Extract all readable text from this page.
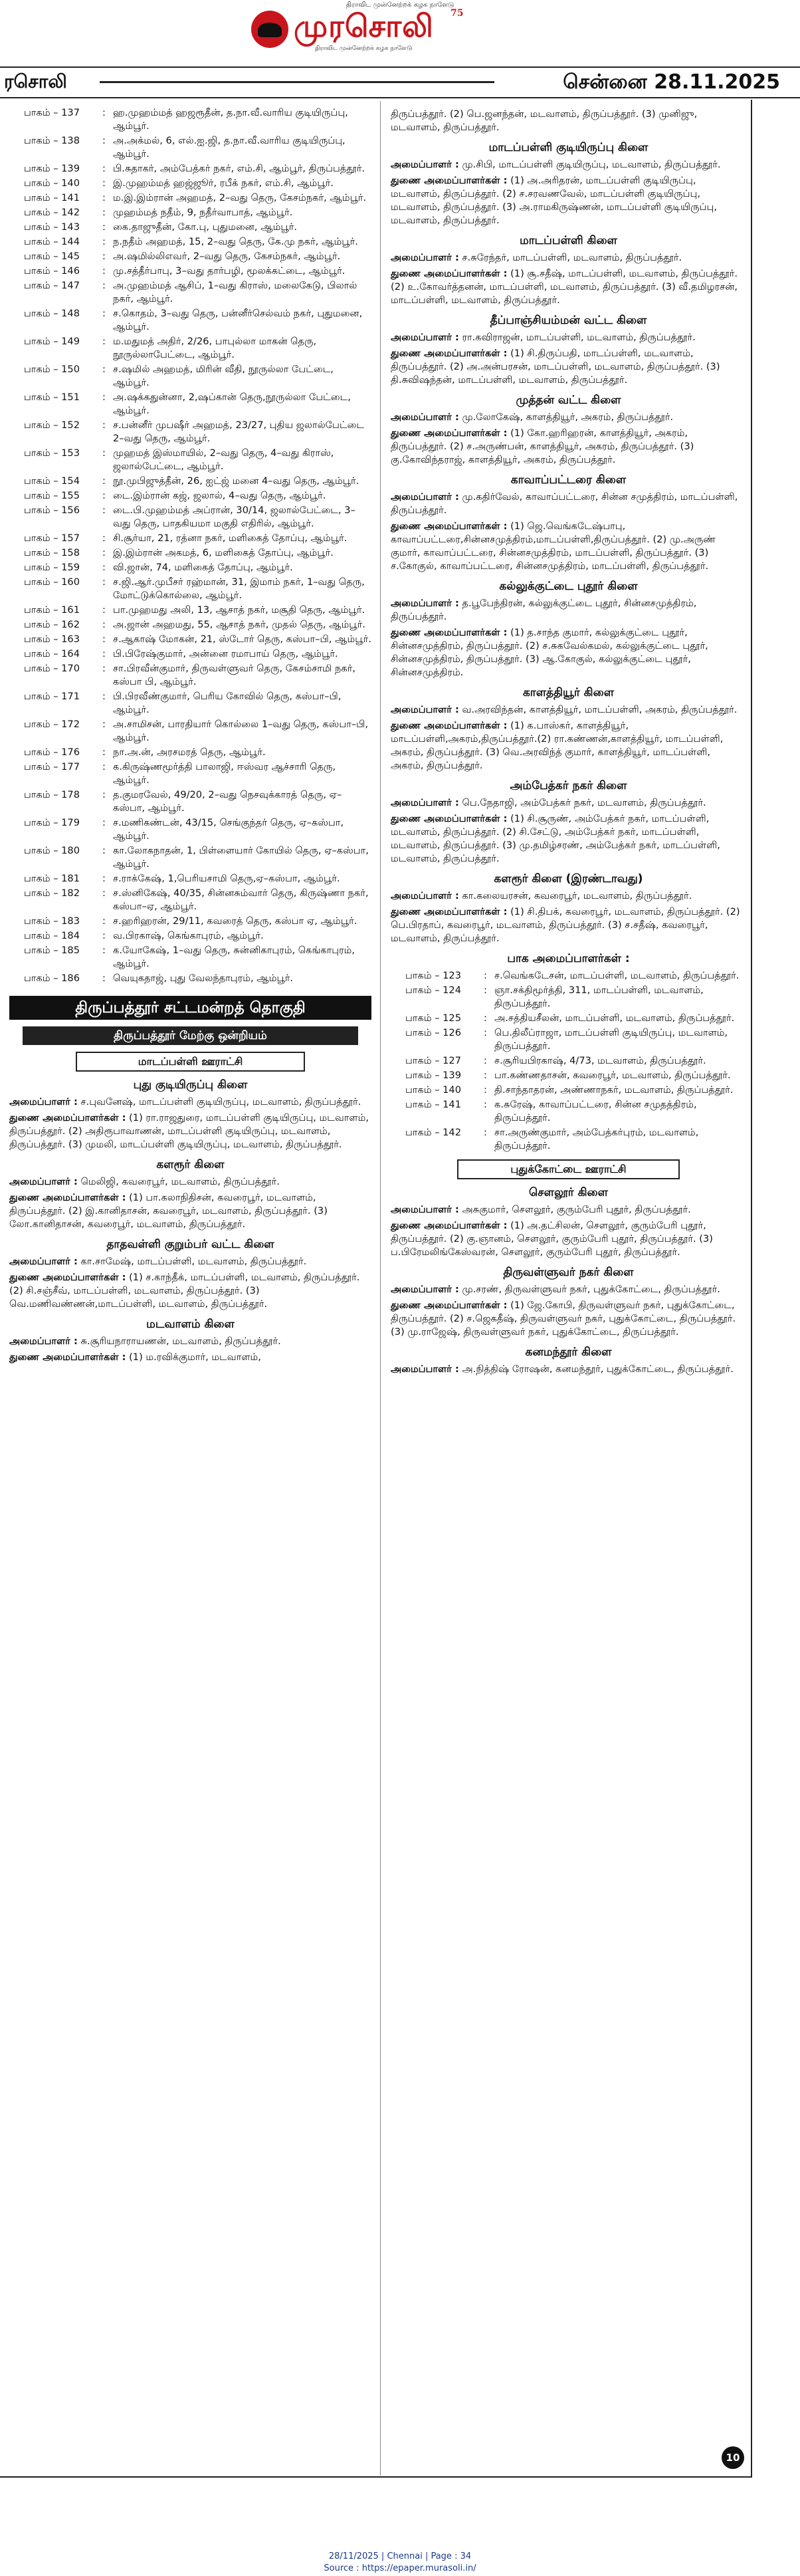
திராவிட முன்னேற்றக் கழக நாளேடு
முரசொலி
திராவிட முன்னேற்றக் கழக நாளேடு
$^{75}$
ரசொலி	சென்னை 28.11.2025
பாகம் – 137	: ஹ.முஹம்மத் ஹஜரூதீன், த.நா.வீ.வாரிய குடியிருப்பு, ஆம்பூர்.
பாகம் – 138	: அ.அக்மல், 6, எல்.ஐ.ஜி, த.நா.வீ.வாரிய குடியிருப்பு, ஆம்பூர்.
பாகம் – 139	: பி.சுதாகர், அம்பேத்கர் நகர், எம்.சி, ஆம்பூர், திருப்பத்தூர்.
பாகம் – 140	: இ.முஹம்மத் ஹஜ்ஜூர், ரபீக் நகர், எம்.சி, ஆம்பூர்.
பாகம் – 141	: ம.இ.இம்ரான் அஹமத், 2–வது தெரு, கேசம்நகர், ஆம்பூர்.
பாகம் – 142	: முஹம்மத் நதீம், 9, நதீர்வாபாத், ஆம்பூர்.
பாகம் – 143	: கை.தாஜுதீன், கோ.பு, புதுமனை, ஆம்பூர்.
பாகம் – 144	: ந.நதீம் அஹமத், 15, 2–வது தெரு, கே.மு நகர், ஆம்பூர்.
பாகம் – 145	: அ.ஷமில்லிஎவர், 2–வது தெரு, கேசம்நகர், ஆம்பூர்.
பாகம் – 146	: மு.சத்தீர்பாபு, 3–வது தார்பழி, மூலக்கட்டை, ஆம்பூர்.
பாகம் – 147	: அ.முஹம்மத் ஆசிப், 1–வது கிராஸ், மலைகேடு, பிலால் நகர், ஆம்பூர்.
பாகம் – 148	: ச.கொதம், 3–வது தெரு, பன்னீர்செல்வம் நகர், புதுமனை, ஆம்பூர்.
பாகம் – 149	: ம.மதுமத் அதிர், 2/26, பாபுல்லா மாகன் தெரு, நூருல்லாபேட்டை, ஆம்பூர்.
பாகம் – 150	: ச.ஷமில் அஹமத், மிரின் வீதி, நூருல்லா பேட்டை, ஆம்பூர்.
பாகம் – 151	: அ.ஷக்கதுன்னா, 2,ஷப்கான் தெரு,நூருல்லா பேட்டை, ஆம்பூர்.
பாகம் – 152	: ச.பன்னீர் முபஷீர் அஹமத், 23/27, புதிய ஜலால்பேட்டை 2–வது தெரு, ஆம்பூர்.
பாகம் – 153	: முஹமத் இஸ்மாயில், 2–வது தெரு, 4–வது கிராஸ், ஜலால்பேட்டை, ஆம்பூர்.
பாகம் – 154	: நூ.முபிஜுத்தீன், 26, ஐட்ஜ் மனை 4–வது தெரு, ஆம்பூர்.
பாகம் – 155	: டை.இம்ரான் கஜ், ஜலால், 4–வது தெரு, ஆம்பூர்.
பாகம் – 156	: டை.பி.முஹம்மத் அப்ரான், 30/14, ஜலால்பேட்டை, 3–வது தெரு, பாதகியமா மகுதி எதிரில், ஆம்பூர்.
பாகம் – 157	: சி.சூர்யா, 21, ரத்னா நகர், மளிகைத் தோப்பு, ஆம்பூர்.
பாகம் – 158	: இ.இம்ரான் அகமத், 6, மளிகைத் தோப்பு, ஆம்பூர்.
பாகம் – 159	: வி.ஜான், 74, மளிகைத் தோப்பு, ஆம்பூர்.
பாகம் – 160	: ச.ஜி.ஆர்.முபீசர் ரஹ்மான், 31, இமாம் நகர், 1–வது தெரு, மோட்டுக்கொல்லை, ஆம்பூர்.
பாகம் – 161	: பா.முஹமது அலி, 13, ஆசாத் நகர், மசூதி தெரு, ஆம்பூர்.
பாகம் – 162	: அ.ஜான் அஹமது, 55, ஆசாத் நகர், முதல் தெரு, ஆம்பூர்.
பாகம் – 163	: ச.ஆகாஷ் மோகன், 21, ஸ்டோர் தெரு, கஸ்பா–பி, ஆம்பூர்.
பாகம் – 164	: பி.பிரேஷ்குமார், அன்னை ரமாபாய் தெரு, ஆம்பூர்.
பாகம் – 170	: சா.பிரவீன்குமார், திருவள்ளுவர் தெரு, கேசம்சாமி நகர், கஸ்பா பி, ஆம்பூர்.
பாகம் – 171	: பி.பிரவீண்குமார், பெரிய கோவில் தெரு, கஸ்பா–பி, ஆம்பூர்.
பாகம் – 172	: அ.சாமிசன், பாரதியார் கொல்லை 1–வது தெரு, கஸ்பா–பி, ஆம்பூர்.
பாகம் – 176	: நா.அ.ன், அரசமரத் தெரு, ஆம்பூர்.
பாகம் – 177	: க.கிருஷ்ணமூர்த்தி பாலாஜி, ஈஸ்வர ஆச்சாரி தெரு, ஆம்பூர்.
பாகம் – 178	: த.குமரவேல், 49/20, 2–வது நெசவுக்காரத் தெரு, ஏ–கஸ்பா, ஆம்பூர்.
பாகம் – 179	: ச.மணிகண்டன், 43/15, செங்குந்தர் தெரு, ஏ–கஸ்பா, ஆம்பூர்.
பாகம் – 180	: கா.லோகநாதன், 1, பிள்ளையார் கோயில் தெரு, ஏ–கஸ்பா, ஆம்பூர்.
பாகம் – 181	: ச.ராக்கேஷ், 1,பெரியசாமி தெரு,ஏ–கஸ்பா, ஆம்பூர்.
பாகம் – 182	: ச.ஸ்னிகேஷ், 40/35, சின்னசும்வார் தெரு, கிருஷ்ணா நகர், கஸ்பா–ஏ, ஆம்பூர்.
பாகம் – 183	: ச.ஹரிஹரன், 29/11, கவரைத் தெரு, கஸ்பா ஏ, ஆம்பூர்.
பாகம் – 184	: வ.பிரகாஷ், கெங்காபுரம், ஆம்பூர்.
பாகம் – 185	: க.யோகேஷ், 1–வது தெரு, சுன்னிகாபுரம், கெங்காபுரம், ஆம்பூர்.
பாகம் – 186	: வெயுகதாஜ், புது வேலந்தாபுரம், ஆம்பூர்.
திருப்பத்தூர் சட்டமன்றத் தொகுதி
திருப்பத்தூர் மேற்கு ஒன்றியம்
மாடப்பள்ளி ஊராட்சி
புது குடியிருப்பு கிளை
அமைப்பாளர் : ச.புவனேஷ், மாடப்பள்ளி குடியிருப்பு, மடவாளம், திருப்பத்தூர்.
துணை அமைப்பாளர்கள் : (1) ரா.ராஜதுரை, மாடப்பள்ளி குடியிருப்பு, மடவாளம், திருப்பத்தூர். (2) அதிரூபாவாணன், மாடப்பள்ளி குடியிருப்பு, மடவாளம், திருப்பத்தூர். (3) முமலி, மாடப்பள்ளி குடியிருப்பு, மடவாளம், திருப்பத்தூர்.
களரூர் கிளை
அமைப்பாளர் : மெலிஜி, கவரைபூர், மடவாளம், திருப்பத்தூர்.
துணை அமைப்பாளர்கள் : (1) பா.கலாநிதிசன், கவரைபூர், மடவாளம், திருப்பத்தூர். (2) இ.கானிதாசன், கவரைபூர், மடவாளம், திருப்பத்தூர். (3) லோ.கானிதாசன், கவரைபூர், மடவாளம், திருப்பத்தூர்.
தாதவள்ளி குறும்பர் வட்ட கிளை
அமைப்பாளர் : கா.சாமேஷ், மாடப்பள்ளி, மடவாளம், திருப்பத்தூர்.
துணை அமைப்பாளர்கள் : (1) ச.காந்தீக், மாடப்பள்ளி, மடவாளம், திருப்பத்தூர். (2) சி.சஞ்சீவ், மாடப்பள்ளி, மடவாளம், திருப்பத்தூர். (3) வெ.மணிவண்ணன்,மாடப்பள்ளி, மடவாளம், திருப்பத்தூர்.
மடவாளம் கிளை
அமைப்பாளர் : சு.சூரியநாராயணன், மடவாளம், திருப்பத்தூர்.
துணை அமைப்பாளர்கள் : (1) ம.ரவிக்குமார், மடவாளம்,
திருப்பத்தூர். (2) பெ.ஜனந்தன், மடவாளம், திருப்பத்தூர். (3) முனிஜு, மடவாளம், திருப்பத்தூர்.
மாடப்பள்ளி குடியிருப்பு கிளை
அமைப்பாளர் : மு.சிபி, மாடப்பள்ளி குடியிருப்பு, மடவாளம், திருப்பத்தூர்.
துணை அமைப்பாளர்கள் : (1) அ.அரிதரன், மாடப்பள்ளி குடியிருப்பு, மடவாளம், திருப்பத்தூர். (2) ச.சரவணவேல், மாடப்பள்ளி குடியிருப்பு, மடவாளம், திருப்பத்தூர். (3) அ.ராமகிருஷ்ணன், மாடப்பள்ளி குடியிருப்பு, மடவாளம், திருப்பத்தூர்.
மாடப்பள்ளி கிளை
அமைப்பாளர் : ச.சுரேந்தர், மாடப்பள்ளி, மடவாளம், திருப்பத்தூர்.
துணை அமைப்பாளர்கள் : (1) சூ.சதீஷ், மாடப்பள்ளி, மடவாளம், திருப்பத்தூர். (2) உ.கோவர்த்தனன், மாடப்பள்ளி, மடவாளம், திருப்பத்தூர். (3) வீ.தமிழரசன், மாடப்பள்ளி, மடவாளம், திருப்பத்தூர்.
தீப்பாஞ்சியம்மன் வட்ட கிளை
அமைப்பாளர் : ரா.கவிராஜன், மாடப்பள்ளி, மடவாளம், திருப்பத்தூர்.
துணை அமைப்பாளர்கள் : (1) சி.திருப்பதி, மாடப்பள்ளி, மடவாளம், திருப்பத்தூர். (2) அ.அன்பரசன், மாடப்பள்ளி, மடவாளம், திருப்பத்தூர். (3) தி.சுவிஷந்தன், மாடப்பள்ளி, மடவாளம், திருப்பத்தூர்.
முத்தன் வட்ட கிளை
அமைப்பாளர் : மு.லோகேஷ், காளத்தியூர், அகரம், திருப்பத்தூர்.
துணை அமைப்பாளர்கள் : (1) கோ.ஹரிஹரன், காளத்தியூர், அகரம், திருப்பத்தூர். (2) ச.அருண்பன், காளத்தியூர், அகரம், திருப்பத்தூர். (3) கு.கோவிந்தராஜ், காளத்தியூர், அகரம், திருப்பத்தூர்.
காவாப்பட்டரை கிளை
அமைப்பாளர் : மு.கதிர்வேல், காவாப்பட்டரை, சின்ன சமுத்திரம், மாடப்பள்ளி, திருப்பத்தூர்.
துணை அமைப்பாளர்கள் : (1) ஜெ.வெங்கடேஷ்பாபு, காவாப்பட்டரை,சின்னசமுத்திரம்,மாடப்பள்ளி,திருப்பத்தூர். (2) மு.அருண் குமார், காவாப்பட்டரை, சின்னசமுத்திரம், மாடப்பள்ளி, திருப்பத்தூர். (3) ச.கோகுல், காவாப்பட்டரை, சின்னசமுத்திரம், மாடப்பள்ளி, திருப்பத்தூர்.
கல்லுக்குட்டை புதூர் கிளை
அமைப்பாளர் : த.பூபேந்திரன், கல்லுக்குட்டை புதூர், சின்னசமுத்திரம், திருப்பத்தூர்.
துணை அமைப்பாளர்கள் : (1) த.சாந்த குமார், கல்லுக்குட்டை புதூர், சின்னசமுத்திரம், திருப்பத்தூர். (2) ச.சுகவேல்கமல், கல்லுக்குட்டை புதூர், சின்னசமுத்திரம், திருப்பத்தூர். (3) ஆ.கோகுல், கல்லுக்குட்டை புதூர், சின்னசமுத்திரம்.
காளத்தியூர் கிளை
அமைப்பாளர் : வ.அரவிந்தன், காளத்தியூர், மாடப்பள்ளி, அகரம், திருப்பத்தூர்.
துணை அமைப்பாளர்கள் : (1) க.பாஸ்கர், காளத்தியூர், மாடப்பள்ளி,அகரம்,திருப்பத்தூர்.(2) ரா.கண்ணன்,காளத்தியூர், மாடப்பள்ளி, அகரம், திருப்பத்தூர். (3) வெ.அரவிந்த் குமார், காளத்தியூர், மாடப்பள்ளி, அகரம், திருப்பத்தூர்.
அம்பேத்கர் நகர் கிளை
அமைப்பாளர் : பெ.நேதாஜி, அம்பேத்கர் நகர், மடவாளம், திருப்பத்தூர்.
துணை அமைப்பாளர்கள் : (1) சி.சூருண், அம்பேத்கர் நகர், மாடப்பள்ளி, மடவாளம், திருப்பத்தூர். (2) சி.சேட்டு, அம்பேத்கர் நகர், மாடப்பள்ளி, மடவாளம், திருப்பத்தூர். (3) மு.தமிழ்சரண், அம்பேத்கர் நகர், மாடப்பள்ளி, மடவாளம், திருப்பத்தூர்.
களரூர் கிளை (இரண்டாவது)
அமைப்பாளர் : கா.கலையரசன், கவரைபூர், மடவாளம், திருப்பத்தூர்.
துணை அமைப்பாளர்கள் : (1) சி.திபக், கவரைபூர், மடவாளம், திருப்பத்தூர். (2) பெ.பிரதாப், கவரைபூர், மடவாளம், திருப்பத்தூர். (3) ச.சதீஷ், கவரைபூர், மடவாளம், திருப்பத்தூர்.
பாக அமைப்பாளர்கள் :
பாகம் – 123	: ச.வெங்கடேசன், மாடப்பள்ளி, மடவாளம், திருப்பத்தூர்.
பாகம் – 124	: ஞா.சக்திமூர்த்தி, 311, மாடப்பள்ளி, மடவாளம், திருப்பத்தூர்.
பாகம் – 125	: அ.சத்தியசீலன், மாடப்பள்ளி, மடவாளம், திருப்பத்தூர்.
பாகம் – 126	: பெ.திலீப்ராஜா, மாடப்பள்ளி குடியிருப்பு, மடவாளம், திருப்பத்தூர்.
பாகம் – 127	: ச.சூரியபிரகாஷ், 4/73, மடவாளம், திருப்பத்தூர்.
பாகம் – 139	: பா.கண்ணதாசன், கவரைபூர், மடவாளம், திருப்பத்தூர்.
பாகம் – 140	: தி.சாந்தாதரன், அண்ணாநகர், மடவாளம், திருப்பத்தூர்.
பாகம் – 141	: க.சுரேஷ், காவாப்பட்டரை, சின்ன சமுதத்திரம், திருப்பத்தூர்.
பாகம் – 142	: சா.அருண்குமார், அம்பேத்கர்புரம், மடவாளம், திருப்பத்தூர்.
புதுக்கோட்டை ஊராட்சி
சௌலூர் கிளை
அமைப்பாளர் : அசுகுமார், சௌலூர், குரும்பேரி புதூர், திருப்பத்தூர்.
துணை அமைப்பாளர்கள் : (1) அ.தட்சிலன், சௌலூர், குரும்பேரி புதூர், திருப்பத்தூர். (2) கு.ஞானம், சௌலூர், குரும்பேரி புதூர், திருப்பத்தூர். (3) ப.பிரேமலிங்கேஸ்வரன், சௌலூர், குரும்பேரி புதூர், திருப்பத்தூர்.
திருவள்ளுவர் நகர் கிளை
அமைப்பாளர் : மு.சரண், திருவள்ளுவர் நகர், புதுக்கோட்டை, திருப்பத்தூர்.
துணை அமைப்பாளர்கள் : (1) ஜே.கோபி, திருவள்ளுவர் நகர், புதுக்கோட்டை, திருப்பத்தூர். (2) ச.ஜெகதீஷ், திருவள்ளுவர் நகர், புதுக்கோட்டை, திருப்பத்தூர். (3) மு.ராஜேஷ், திருவள்ளுவர் நகர், புதுக்கோட்டை, திருப்பத்தூர்.
கனமந்தூர் கிளை
அமைப்பாளர் : அ.நித்திஷ் ரோஷன், கனமந்தூர், புதுக்கோட்டை, திருப்பத்தூர்.
10
28/11/2025 | Chennai | Page : 34
Source : https://epaper.murasoli.in/
